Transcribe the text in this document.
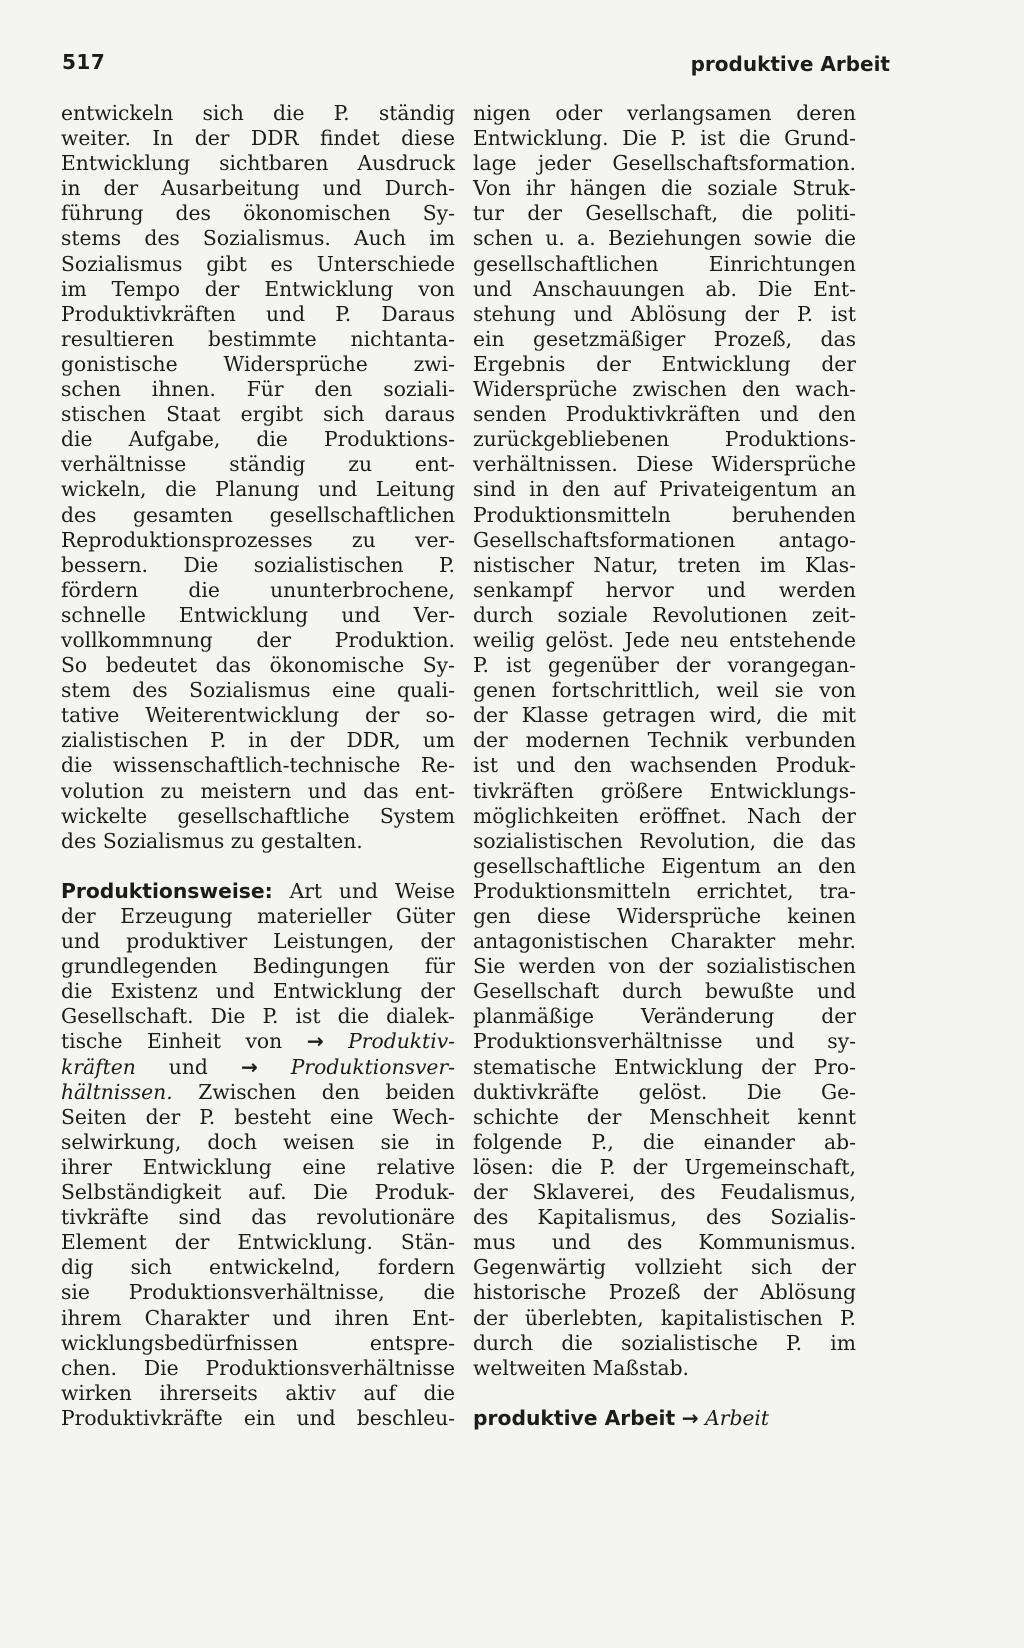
517	produktive Arbeit
entwickeln sich die P. ständig
weiter. In der DDR findet diese
Entwicklung sichtbaren Ausdruck
in der Ausarbeitung und Durch-
führung des ökonomischen Sy-
stems des Sozialismus. Auch im
Sozialismus gibt es Unterschiede
im Tempo der Entwicklung von
Produktivkräften und P. Daraus
resultieren bestimmte nichtanta-
gonistische Widersprüche zwi-
schen ihnen. Für den soziali-
stischen Staat ergibt sich daraus
die Aufgabe, die Produktions-
verhältnisse ständig zu ent-
wickeln, die Planung und Leitung
des gesamten gesellschaftlichen
Reproduktionsprozesses zu ver-
bessern. Die sozialistischen P.
fördern die ununterbrochene,
schnelle Entwicklung und Ver-
vollkommnung der Produktion.
So bedeutet das ökonomische Sy-
stem des Sozialismus eine quali-
tative Weiterentwicklung der so-
zialistischen P. in der DDR, um
die wissenschaftlich-technische Re-
volution zu meistern und das ent-
wickelte gesellschaftliche System
des Sozialismus zu gestalten.
Produktionsweise: Art und Weise
der Erzeugung materieller Güter
und produktiver Leistungen, der
grundlegenden Bedingungen für
die Existenz und Entwicklung der
Gesellschaft. Die P. ist die dialek-
tische Einheit von → Produktiv-
kräften und → Produktionsver-
hältnissen. Zwischen den beiden
Seiten der P. besteht eine Wech-
selwirkung, doch weisen sie in
ihrer Entwicklung eine relative
Selbständigkeit auf. Die Produk-
tivkräfte sind das revolutionäre
Element der Entwicklung. Stän-
dig sich entwickelnd, fordern
sie Produktionsverhältnisse, die
ihrem Charakter und ihren Ent-
wicklungsbedürfnissen entspre-
chen. Die Produktionsverhältnisse
wirken ihrerseits aktiv auf die
Produktivkräfte ein und beschleu-
nigen oder verlangsamen deren
Entwicklung. Die P. ist die Grund-
lage jeder Gesellschaftsformation.
Von ihr hängen die soziale Struk-
tur der Gesellschaft, die politi-
schen u. a. Beziehungen sowie die
gesellschaftlichen Einrichtungen
und Anschauungen ab. Die Ent-
stehung und Ablösung der P. ist
ein gesetzmäßiger Prozeß, das
Ergebnis der Entwicklung der
Widersprüche zwischen den wach-
senden Produktivkräften und den
zurückgebliebenen Produktions-
verhältnissen. Diese Widersprüche
sind in den auf Privateigentum an
Produktionsmitteln beruhenden
Gesellschaftsformationen antago-
nistischer Natur, treten im Klas-
senkampf hervor und werden
durch soziale Revolutionen zeit-
weilig gelöst. Jede neu entstehende
P. ist gegenüber der vorangegan-
genen fortschrittlich, weil sie von
der Klasse getragen wird, die mit
der modernen Technik verbunden
ist und den wachsenden Produk-
tivkräften größere Entwicklungs-
möglichkeiten eröffnet. Nach der
sozialistischen Revolution, die das
gesellschaftliche Eigentum an den
Produktionsmitteln errichtet, tra-
gen diese Widersprüche keinen
antagonistischen Charakter mehr.
Sie werden von der sozialistischen
Gesellschaft durch bewußte und
planmäßige Veränderung der
Produktionsverhältnisse und sy-
stematische Entwicklung der Pro-
duktivkräfte gelöst. Die Ge-
schichte der Menschheit kennt
folgende P., die einander ab-
lösen: die P. der Urgemeinschaft,
der Sklaverei, des Feudalismus,
des Kapitalismus, des Sozialis-
mus und des Kommunismus.
Gegenwärtig vollzieht sich der
historische Prozeß der Ablösung
der überlebten, kapitalistischen P.
durch die sozialistische P. im
weltweiten Maßstab.
produktive Arbeit → Arbeit
